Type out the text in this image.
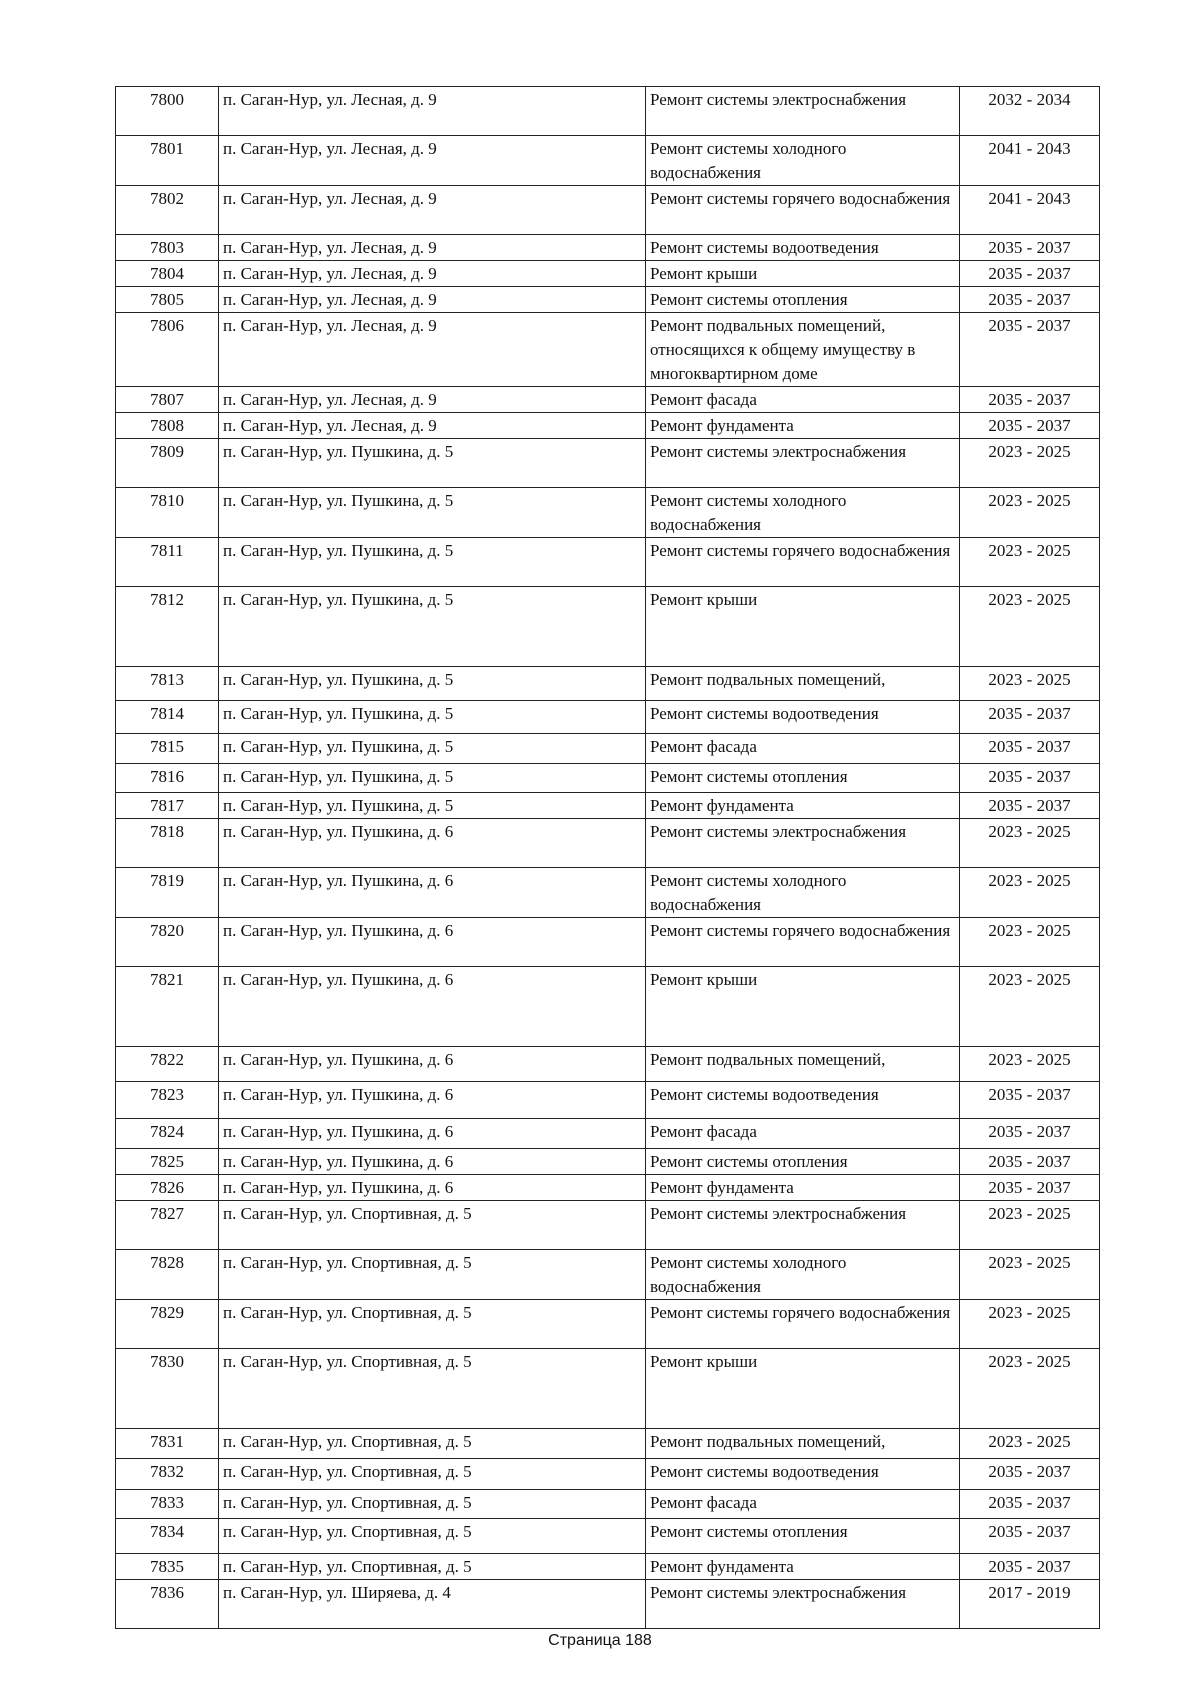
7800	п. Саган-Нур, ул. Лесная, д. 9	Ремонт системы электроснабжения	2032 - 2034
7801	п. Саган-Нур, ул. Лесная, д. 9	Ремонт системы холодного водоснабжения	2041 - 2043
7802	п. Саган-Нур, ул. Лесная, д. 9	Ремонт системы горячего водоснабжения	2041 - 2043
7803	п. Саган-Нур, ул. Лесная, д. 9	Ремонт системы водоотведения	2035 - 2037
7804	п. Саган-Нур, ул. Лесная, д. 9	Ремонт крыши	2035 - 2037
7805	п. Саган-Нур, ул. Лесная, д. 9	Ремонт системы отопления	2035 - 2037
7806	п. Саган-Нур, ул. Лесная, д. 9	Ремонт подвальных помещений, относящихся к общему имуществу в многоквартирном доме	2035 - 2037
7807	п. Саган-Нур, ул. Лесная, д. 9	Ремонт фасада	2035 - 2037
7808	п. Саган-Нур, ул. Лесная, д. 9	Ремонт фундамента	2035 - 2037
7809	п. Саган-Нур, ул. Пушкина, д. 5	Ремонт системы электроснабжения	2023 - 2025
7810	п. Саган-Нур, ул. Пушкина, д. 5	Ремонт системы холодного водоснабжения	2023 - 2025
7811	п. Саган-Нур, ул. Пушкина, д. 5	Ремонт системы горячего водоснабжения	2023 - 2025
7812	п. Саган-Нур, ул. Пушкина, д. 5	Ремонт крыши	2023 - 2025
7813	п. Саган-Нур, ул. Пушкина, д. 5	Ремонт подвальных помещений,	2023 - 2025
7814	п. Саган-Нур, ул. Пушкина, д. 5	Ремонт системы водоотведения	2035 - 2037
7815	п. Саган-Нур, ул. Пушкина, д. 5	Ремонт фасада	2035 - 2037
7816	п. Саган-Нур, ул. Пушкина, д. 5	Ремонт системы отопления	2035 - 2037
7817	п. Саган-Нур, ул. Пушкина, д. 5	Ремонт фундамента	2035 - 2037
7818	п. Саган-Нур, ул. Пушкина, д. 6	Ремонт системы электроснабжения	2023 - 2025
7819	п. Саган-Нур, ул. Пушкина, д. 6	Ремонт системы холодного водоснабжения	2023 - 2025
7820	п. Саган-Нур, ул. Пушкина, д. 6	Ремонт системы горячего водоснабжения	2023 - 2025
7821	п. Саган-Нур, ул. Пушкина, д. 6	Ремонт крыши	2023 - 2025
7822	п. Саган-Нур, ул. Пушкина, д. 6	Ремонт подвальных помещений,	2023 - 2025
7823	п. Саган-Нур, ул. Пушкина, д. 6	Ремонт системы водоотведения	2035 - 2037
7824	п. Саган-Нур, ул. Пушкина, д. 6	Ремонт фасада	2035 - 2037
7825	п. Саган-Нур, ул. Пушкина, д. 6	Ремонт системы отопления	2035 - 2037
7826	п. Саган-Нур, ул. Пушкина, д. 6	Ремонт фундамента	2035 - 2037
7827	п. Саган-Нур, ул. Спортивная, д. 5	Ремонт системы электроснабжения	2023 - 2025
7828	п. Саган-Нур, ул. Спортивная, д. 5	Ремонт системы холодного водоснабжения	2023 - 2025
7829	п. Саган-Нур, ул. Спортивная, д. 5	Ремонт системы горячего водоснабжения	2023 - 2025
7830	п. Саган-Нур, ул. Спортивная, д. 5	Ремонт крыши	2023 - 2025
7831	п. Саган-Нур, ул. Спортивная, д. 5	Ремонт подвальных помещений,	2023 - 2025
7832	п. Саган-Нур, ул. Спортивная, д. 5	Ремонт системы водоотведения	2035 - 2037
7833	п. Саган-Нур, ул. Спортивная, д. 5	Ремонт фасада	2035 - 2037
7834	п. Саган-Нур, ул. Спортивная, д. 5	Ремонт системы отопления	2035 - 2037
7835	п. Саган-Нур, ул. Спортивная, д. 5	Ремонт фундамента	2035 - 2037
7836	п. Саган-Нур, ул. Ширяева, д. 4	Ремонт системы электроснабжения	2017 - 2019
Страница 188
